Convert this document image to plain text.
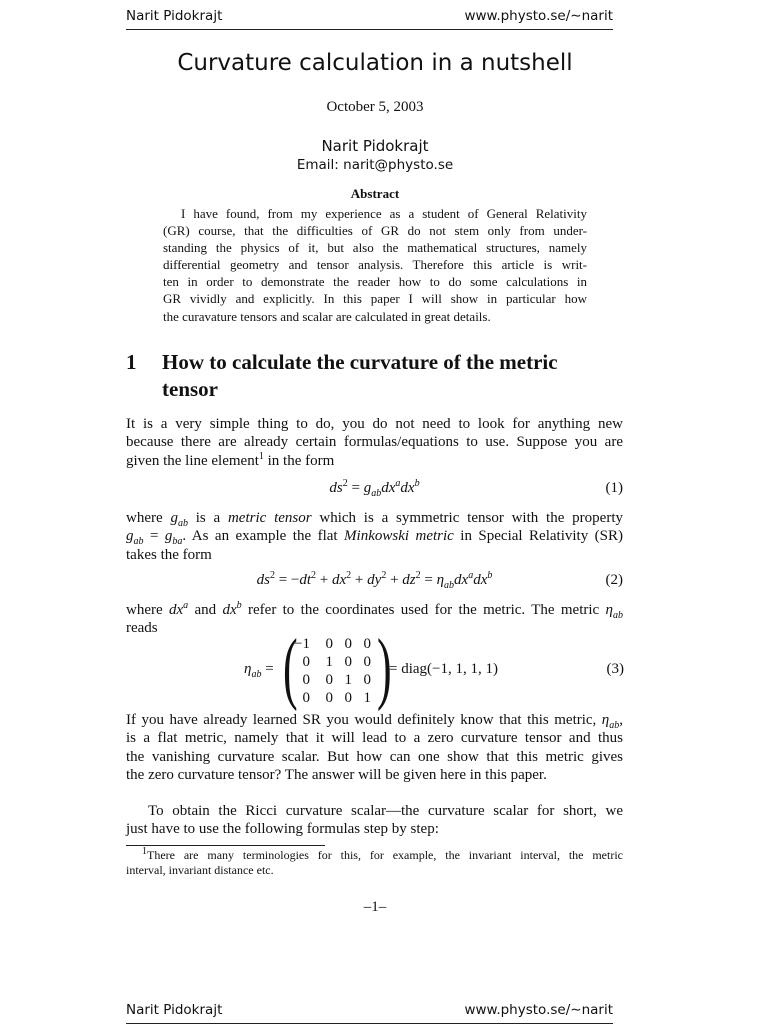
Narit Pidokrajt	www.physto.se/∼narit
Curvature calculation in a nutshell
October 5, 2003
Narit Pidokrajt
Email: narit@physto.se
Abstract
I have found, from my experience as a student of General Relativity
(GR) course, that the difficulties of GR do not stem only from under-
standing the physics of it, but also the mathematical structures, namely
differential geometry and tensor analysis. Therefore this article is writ-
ten in order to demonstrate the reader how to do some calculations in
GR vividly and explicitly. In this paper I will show in particular how
the curavature tensors and scalar are calculated in great details.
1 How to calculate the curvature of the metric
tensor
It is a very simple thing to do, you do not need to look for anything new
because there are already certain formulas/equations to use. Suppose you are
given the line element$^1$ in the form
$ds^2 = g_{ab}dx^adx^b$	(1)
where $g_{ab}$ is a metric tensor which is a symmetric tensor with the property
$g_{ab} = g_{ba}$. As an example the flat Minkowski metric in Special Relativity (SR)
takes the form
$ds^2 = -dt^2 + dx^2 + dy^2 + dz^2 = \eta_{ab}dx^adx^b$	(2)
where $dx^a$ and $dx^b$ refer to the coordinates used for the metric. The metric $\eta_{ab}$
reads
$\eta_{ab}$ = (
−1	0 0 0
0	1 0 0
0	0 1 0
0	0 0 1 )
= diag(−1, 1, 1, 1)	(3)
If you have already learned SR you would definitely know that this metric, $\eta_{ab}$,
is a flat metric, namely that it will lead to a zero curvature tensor and thus
the vanishing curvature scalar. But how can one show that this metric gives
the zero curvature tensor? The answer will be given here in this paper.
To obtain the Ricci curvature scalar—the curvature scalar for short, we
just have to use the following formulas step by step:
$^1$There are many terminologies for this, for example, the invariant interval, the metric
interval, invariant distance etc.
–1–
Narit Pidokrajt	www.physto.se/∼narit
